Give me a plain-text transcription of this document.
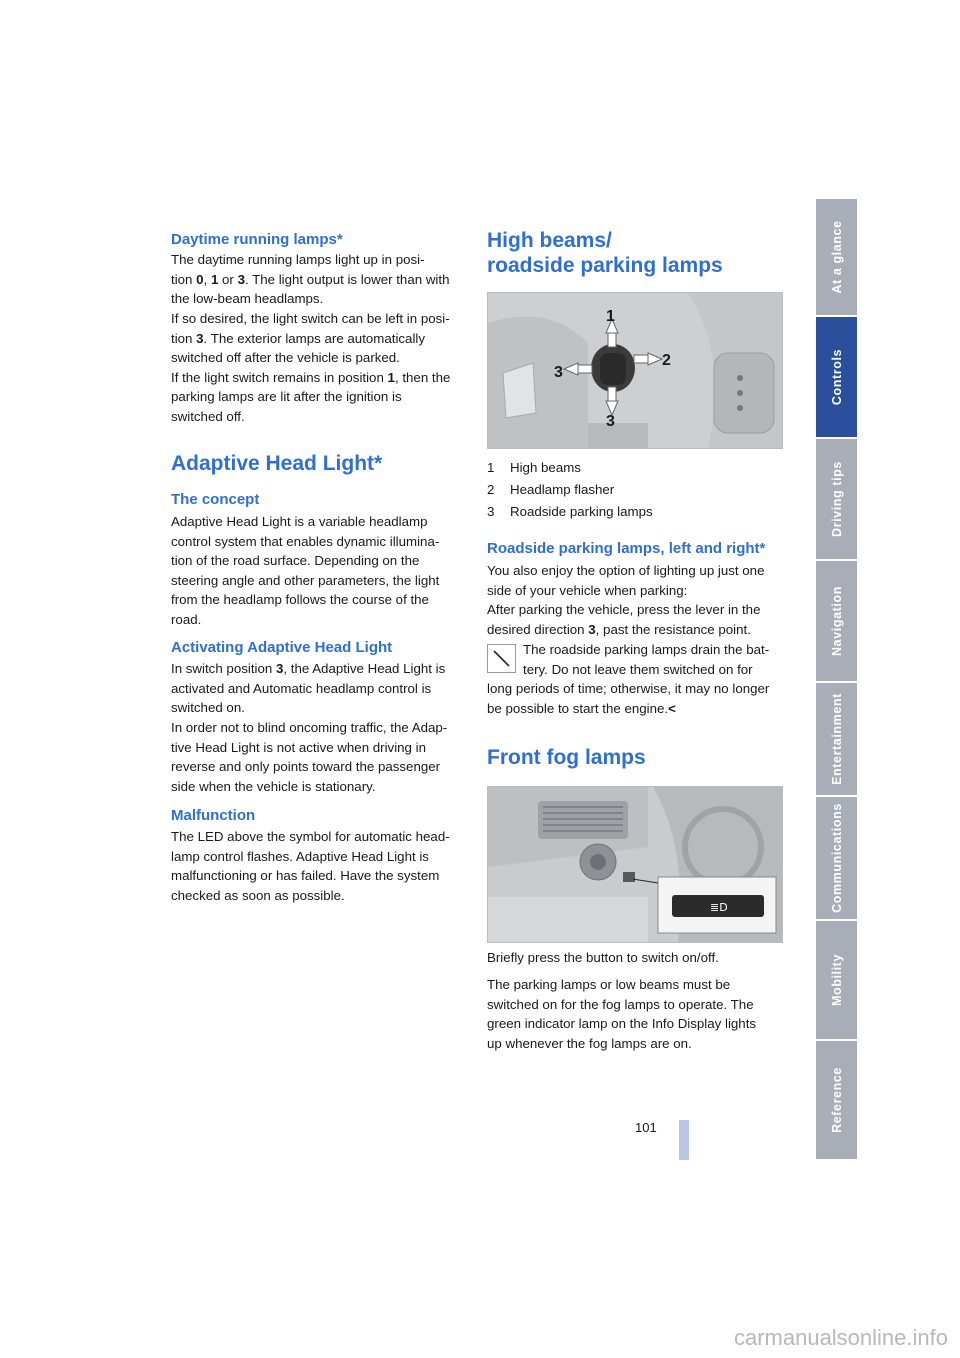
Daytime running lamps*
The daytime running lamps light up in posi-
tion 0, 1 or 3. The light output is lower than with
the low-beam headlamps.
If so desired, the light switch can be left in posi-
tion 3. The exterior lamps are automatically
switched off after the vehicle is parked.
If the light switch remains in position 1, then the
parking lamps are lit after the ignition is
switched off.
Adaptive Head Light*
The concept
Adaptive Head Light is a variable headlamp
control system that enables dynamic illumina-
tion of the road surface. Depending on the
steering angle and other parameters, the light
from the headlamp follows the course of the
road.
Activating Adaptive Head Light
In switch position 3, the Adaptive Head Light is
activated and Automatic headlamp control is
switched on.
In order not to blind oncoming traffic, the Adap-
tive Head Light is not active when driving in
reverse and only points toward the passenger
side when the vehicle is stationary.
Malfunction
The LED above the symbol for automatic head-
lamp control flashes. Adaptive Head Light is
malfunctioning or has failed. Have the system
checked as soon as possible.
High beams/
roadside parking lamps
1
2
3
3
1 High beams
2 Headlamp flasher
3 Roadside parking lamps
Roadside parking lamps, left and right*
You also enjoy the option of lighting up just one
side of your vehicle when parking:
After parking the vehicle, press the lever in the
desired direction 3, past the resistance point.
The roadside parking lamps drain the bat-
tery. Do not leave them switched on for
long periods of time; otherwise, it may no longer
be possible to start the engine.<
Front fog lamps
≣D
Briefly press the button to switch on/off.
The parking lamps or low beams must be
switched on for the fog lamps to operate. The
green indicator lamp on the Info Display lights
up whenever the fog lamps are on.
At a glance
Controls
Driving tips
Navigation
Entertainment
Communications
Mobility
Reference
101
carmanualsonline.info
